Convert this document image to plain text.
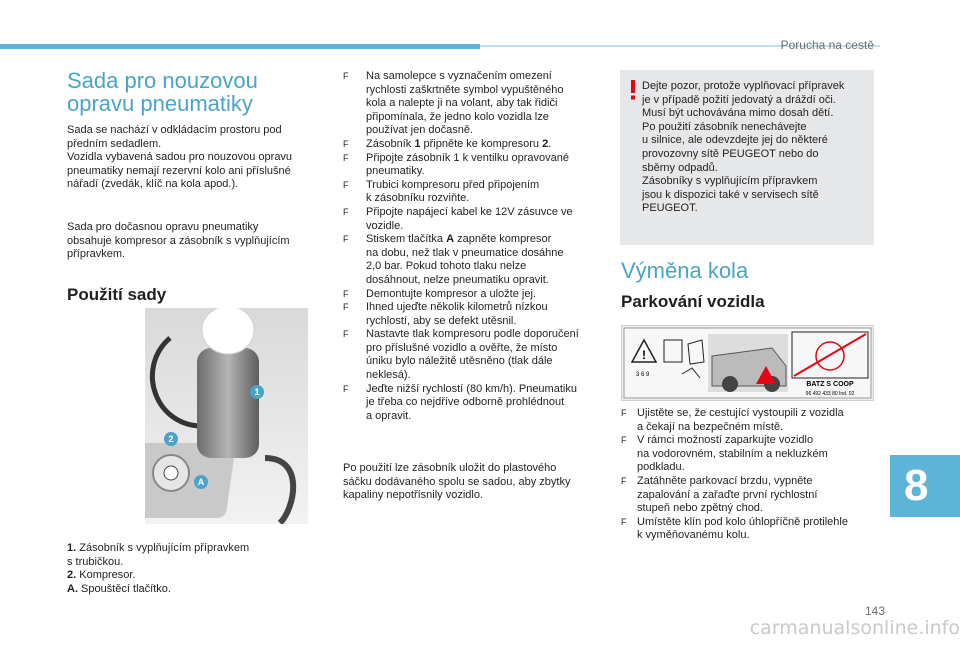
Porucha na cestě
Sada pro nouzovou
opravu pneumatiky
Sada se nachází v odkládacím prostoru pod
předním sedadlem.
Vozidla vybavená sadou pro nouzovou opravu
pneumatiky nemají rezervní kolo ani příslušné
nářadí (zvedák, klíč na kola apod.).
Sada pro dočasnou opravu pneumatiky
obsahuje kompresor a zásobník s vyplňujícím
přípravkem.
Použití sady
1
2
A
1. Zásobník s vyplňujícím přípravkem
s trubičkou.
2. Kompresor.
A. Spouštěcí tlačítko.
F Na samolepce s vyznačením omezení
rychlosti zaškrtněte symbol vypuštěného
kola a nalepte ji na volant, aby tak řidiči
připomínala, že jedno kolo vozidla lze
používat jen dočasně.
F Zásobník 1 připněte ke kompresoru 2.
F Připojte zásobník 1 k ventilku opravované
pneumatiky.
F Trubici kompresoru před připojením
k zásobníku rozviňte.
F Připojte napájecí kabel ke 12V zásuvce ve
vozidle.
F Stiskem tlačítka A zapněte kompresor
na dobu, než tlak v pneumatice dosáhne
2,0 bar. Pokud tohoto tlaku nelze
dosáhnout, nelze pneumatiku opravit.
F Demontujte kompresor a uložte jej.
F Ihned ujeďte několik kilometrů nízkou
rychlostí, aby se defekt utěsnil.
F Nastavte tlak kompresoru podle doporučení
pro příslušné vozidlo a ověřte, že místo
úniku bylo náležitě utěsněno (tlak dále
neklesá).
F Jeďte nižší rychlostí (80 km/h). Pneumatiku
je třeba co nejdříve odborně prohlédnout
a opravit.
Po použití lze zásobník uložit do plastového
sáčku dodávaného spolu se sadou, aby zbytky
kapaliny nepotřísnily vozidlo.
Dejte pozor, protože vyplňovací přípravek
je v případě požití jedovatý a dráždí oči.
Musí být uchovávána mimo dosah dětí.
Po použití zásobník nenechávejte
u silnice, ale odevzdejte jej do některé
provozovny sítě PEUGEOT nebo do
sběrny odpadů.
Zásobníky s vyplňujícím přípravkem
jsou k dispozici také v servisech sítě
PEUGEOT.
Výměna kola
Parkování vozidla
!
3 6 9
BATZ S COOP
96 492 433 80 Ind. 02
F Ujistěte se, že cestující vystoupili z vozidla
a čekají na bezpečném místě.
F V rámci možností zaparkujte vozidlo
na vodorovném, stabilním a nekluzkém
podkladu.
F Zatáhněte parkovací brzdu, vypněte
zapalování a zařaďte první rychlostní
stupeň nebo zpětný chod.
F Umístěte klín pod kolo úhlopříčně protilehle
k vyměňovanému kolu.
8
143
carmanualsonline.info
